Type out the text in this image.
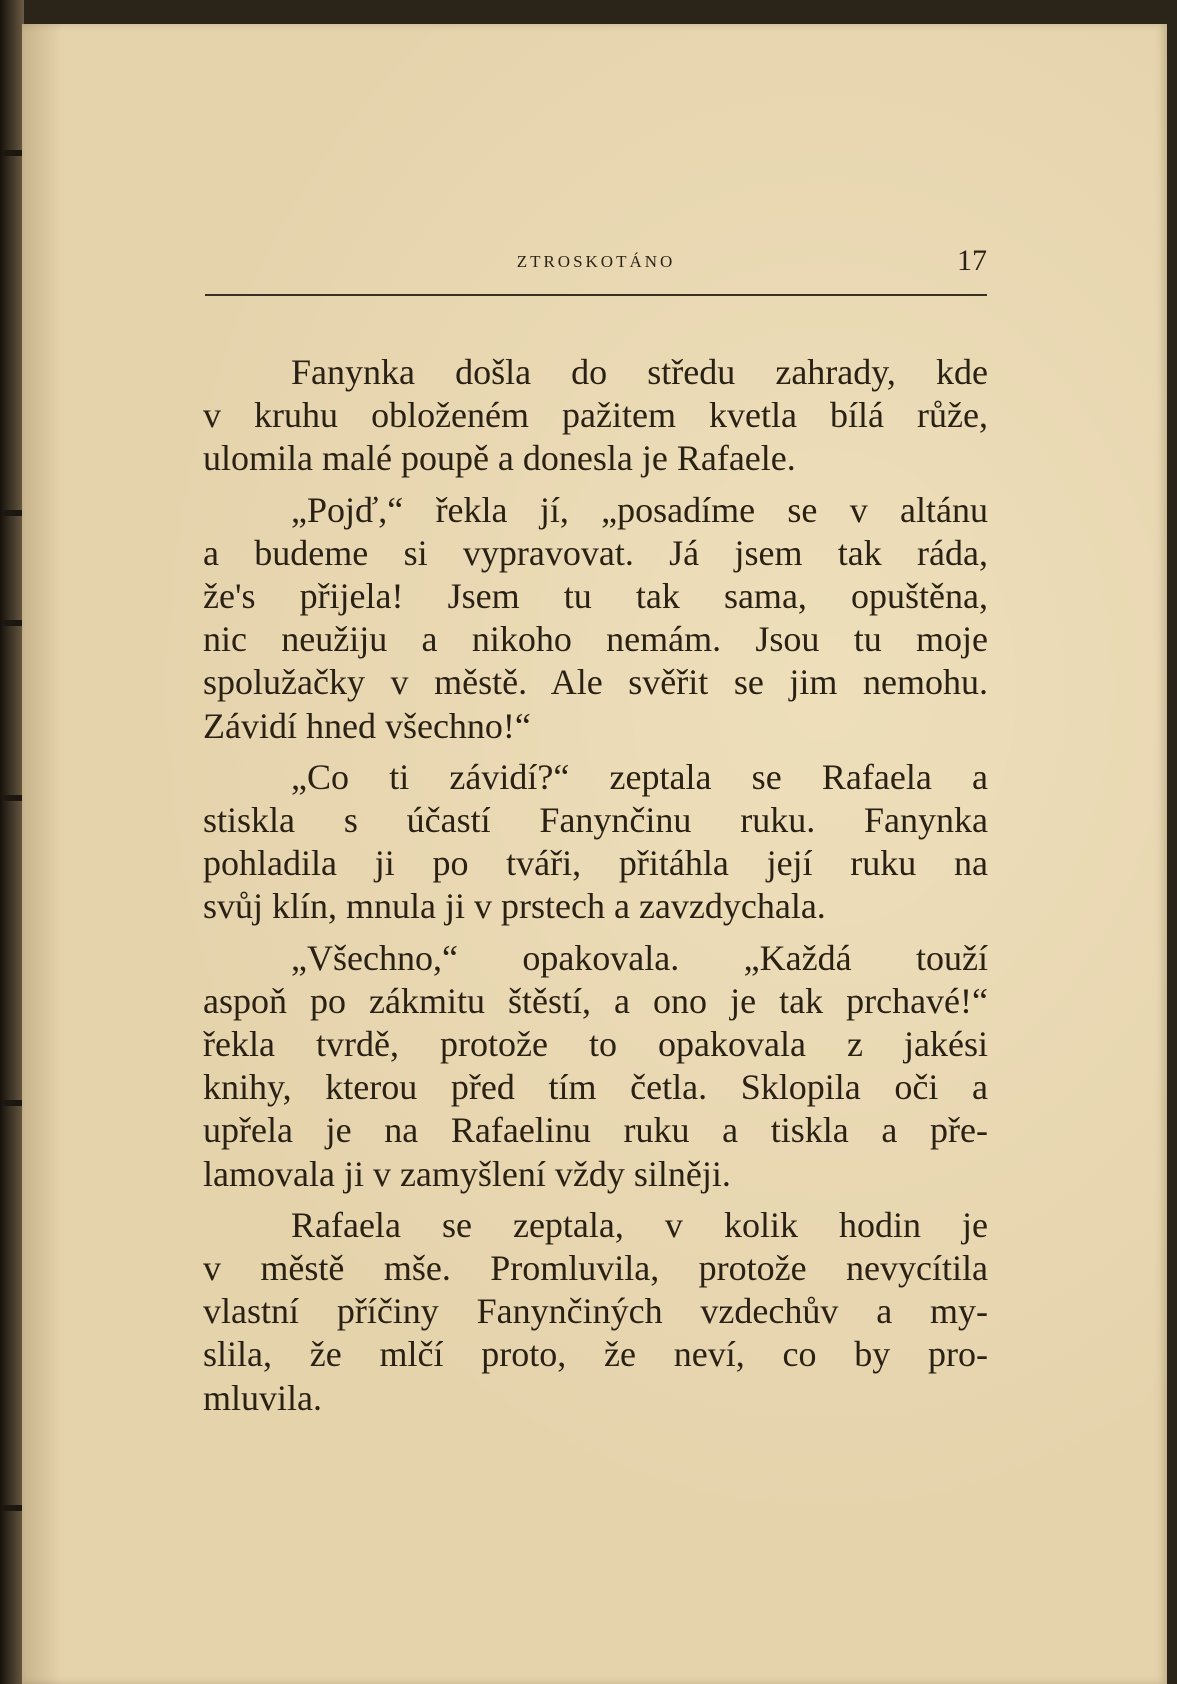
ZTROSKOTÁNO	17

Fanynka došla do středu zahrady, kde
v kruhu obloženém pažitem kvetla bílá růže,
ulomila malé poupě a donesla je Rafaele.

„Pojď,“ řekla jí, „posadíme se v altánu
a budeme si vypravovat. Já jsem tak ráda,
že's přijela! Jsem tu tak sama, opuštěna,
nic neužiju a nikoho nemám. Jsou tu moje
spolužačky v městě. Ale svěřit se jim nemohu.
Závidí hned všechno!“

„Co ti závidí?“ zeptala se Rafaela a
stiskla s účastí Fanynčinu ruku. Fanynka
pohladila ji po tváři, přitáhla její ruku na
svůj klín, mnula ji v prstech a zavzdychala.

„Všechno,“ opakovala. „Každá touží
aspoň po zákmitu štěstí, a ono je tak prchavé!“
řekla tvrdě, protože to opakovala z jakési
knihy, kterou před tím četla. Sklopila oči a
upřela je na Rafaelinu ruku a tiskla a pře-
lamovala ji v zamyšlení vždy silněji.

Rafaela se zeptala, v kolik hodin je
v městě mše. Promluvila, protože nevycítila
vlastní příčiny Fanynčiných vzdechův a my-
slila, že mlčí proto, že neví, co by pro-
mluvila.
